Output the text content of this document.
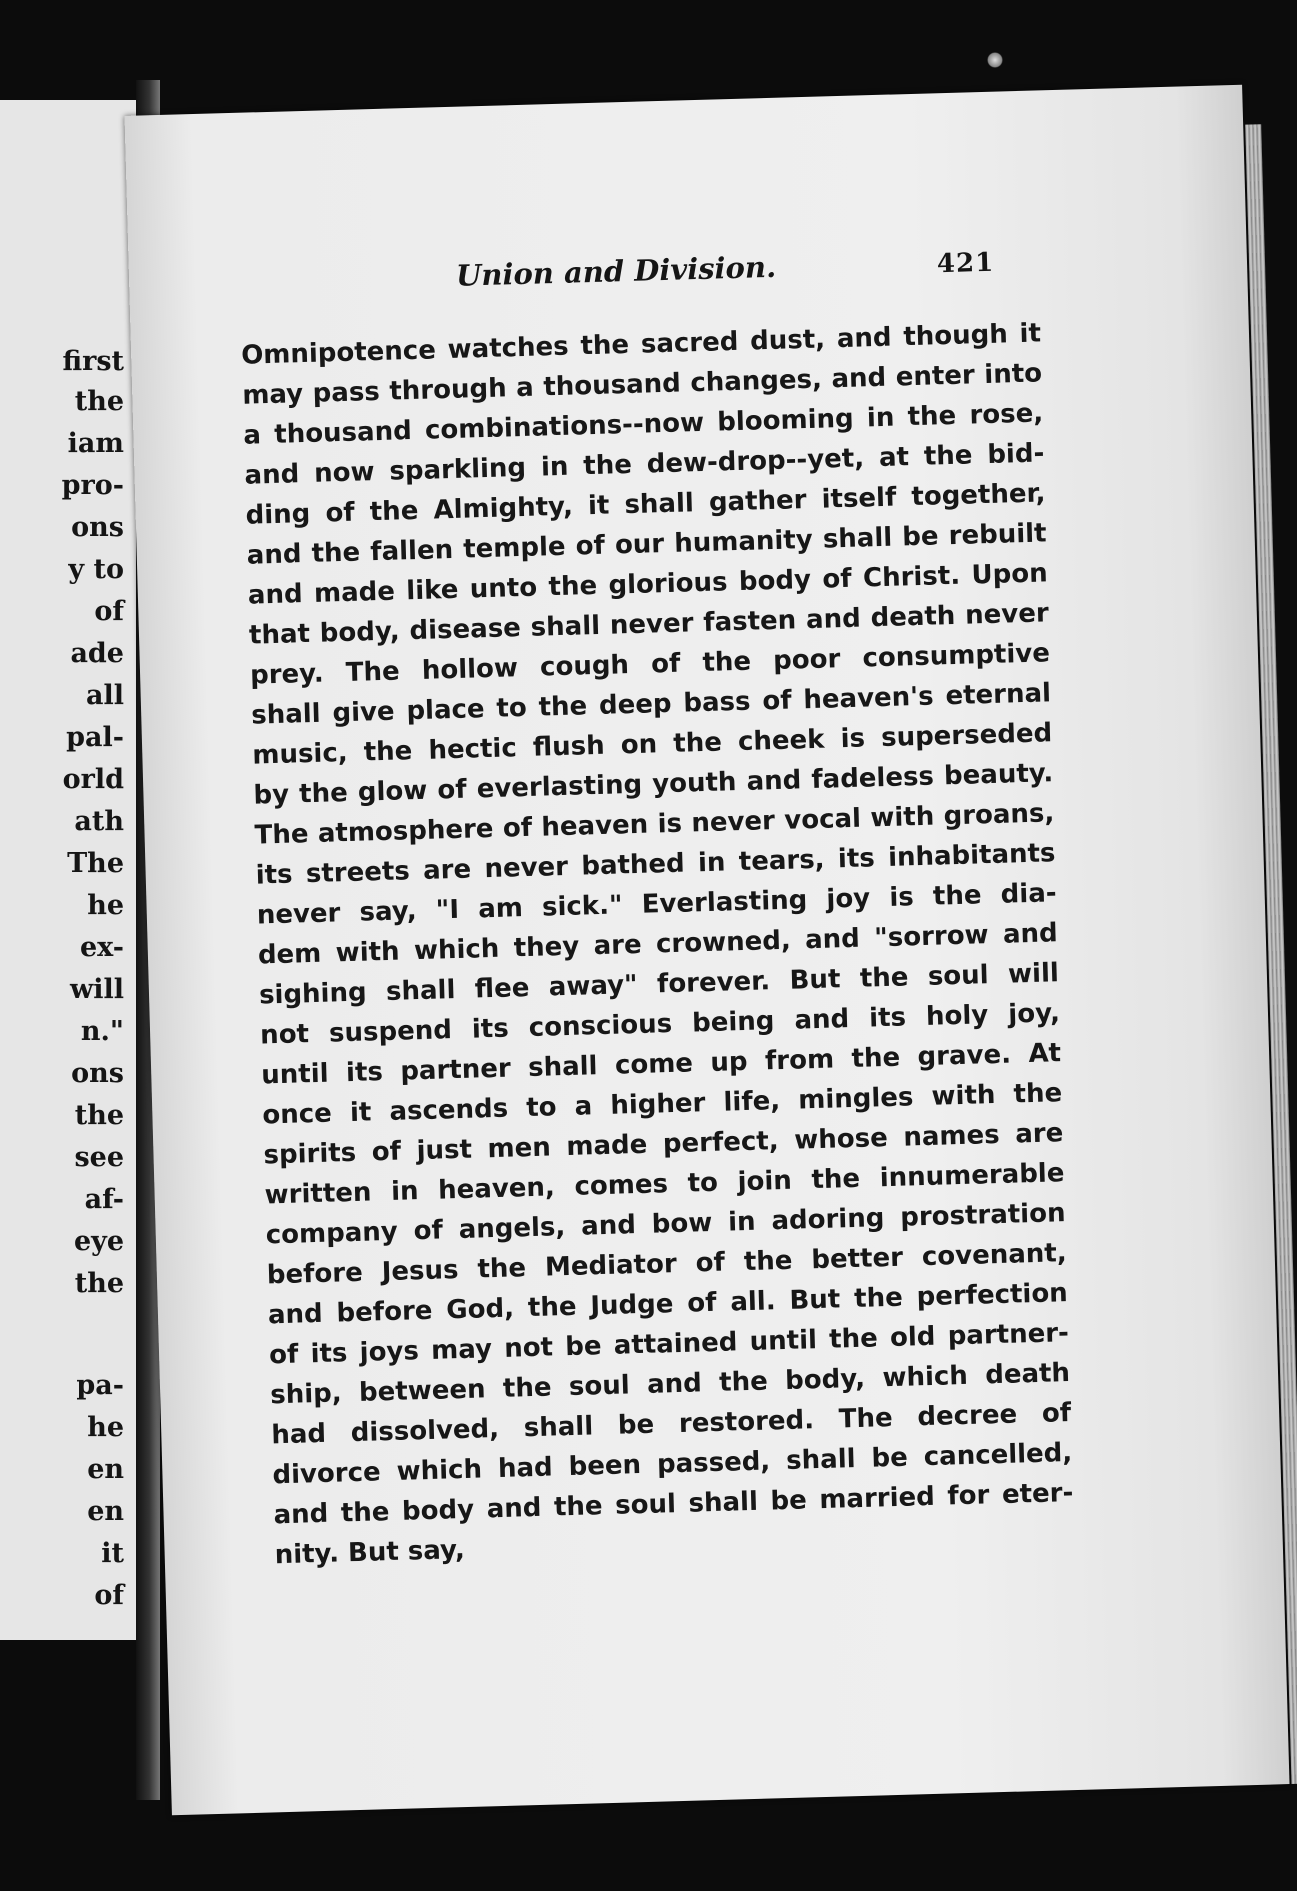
first
the
iam
pro-
ons
y to
of
ade
all
pal-
orld
ath
The
he
ex-
will
n."
ons
the
see
af-
eye
the
pa-
he
en
en
it
of
Union and Division.	421
Omnipotence watches the sacred dust, and though it
may pass through a thousand changes, and enter into
a thousand combinations--now blooming in the rose,
and now sparkling in the dew-drop--yet, at the bid-
ding of the Almighty, it shall gather itself together,
and the fallen temple of our humanity shall be rebuilt
and made like unto the glorious body of Christ. Upon
that body, disease shall never fasten and death never
prey. The hollow cough of the poor consumptive
shall give place to the deep bass of heaven's eternal
music, the hectic flush on the cheek is superseded
by the glow of everlasting youth and fadeless beauty.
The atmosphere of heaven is never vocal with groans,
its streets are never bathed in tears, its inhabitants
never say, "I am sick." Everlasting joy is the dia-
dem with which they are crowned, and "sorrow and
sighing shall flee away" forever. But the soul will
not suspend its conscious being and its holy joy,
until its partner shall come up from the grave. At
once it ascends to a higher life, mingles with the
spirits of just men made perfect, whose names are
written in heaven, comes to join the innumerable
company of angels, and bow in adoring prostration
before Jesus the Mediator of the better covenant,
and before God, the Judge of all. But the perfection
of its joys may not be attained until the old partner-
ship, between the soul and the body, which death
had dissolved, shall be restored. The decree of
divorce which had been passed, shall be cancelled,
and the body and the soul shall be married for eter-
nity. But say,
